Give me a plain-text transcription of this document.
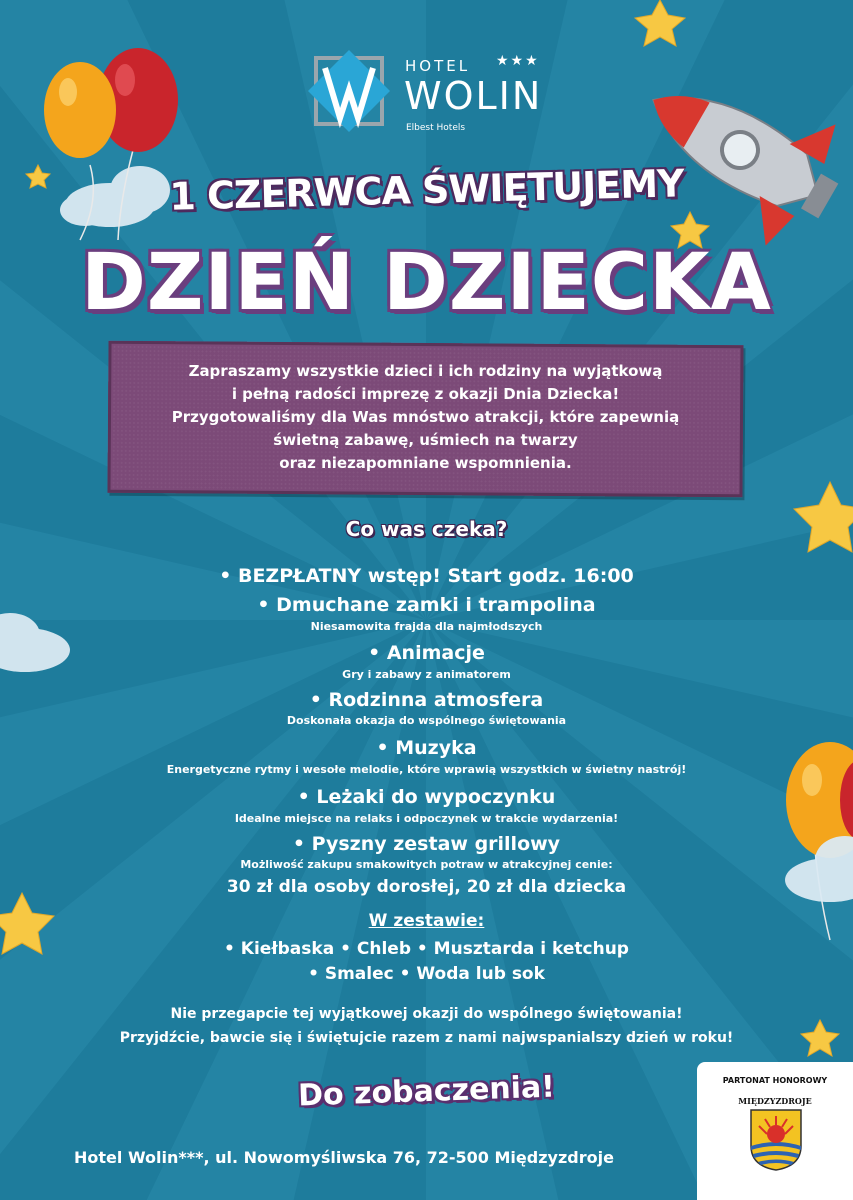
HOTEL ★★★
WOLIN
Elbest Hotels
1 CZERWCA ŚWIĘTUJEMY
DZIEŃ DZIECKA
Zapraszamy wszystkie dzieci i ich rodziny na wyjątkową
i pełną radości imprezę z okazji Dnia Dziecka!
Przygotowaliśmy dla Was mnóstwo atrakcji, które zapewnią
świetną zabawę, uśmiech na twarzy
oraz niezapomniane wspomnienia.
Co was czeka?
• BEZPŁATNY wstęp! Start godz. 16:00
• Dmuchane zamki i trampolina
Niesamowita frajda dla najmłodszych
• Animacje
Gry i zabawy z animatorem
• Rodzinna atmosfera
Doskonała okazja do wspólnego świętowania
• Muzyka
Energetyczne rytmy i wesołe melodie, które wprawią wszystkich w świetny nastrój!
• Leżaki do wypoczynku
Idealne miejsce na relaks i odpoczynek w trakcie wydarzenia!
• Pyszny zestaw grillowy
Możliwość zakupu smakowitych potraw w atrakcyjnej cenie:
30 zł dla osoby dorosłej, 20 zł dla dziecka
W zestawie:
• Kiełbaska • Chleb • Musztarda i ketchup
• Smalec • Woda lub sok
Nie przegapcie tej wyjątkowej okazji do wspólnego świętowania!
Przyjdźcie, bawcie się i świętujcie razem z nami najwspanialszy dzień w roku!
Do zobaczenia!
Hotel Wolin***, ul. Nowomyśliwska 76, 72-500 Międzyzdroje
PARTONAT HONOROWY
MIĘDZYZDROJE
